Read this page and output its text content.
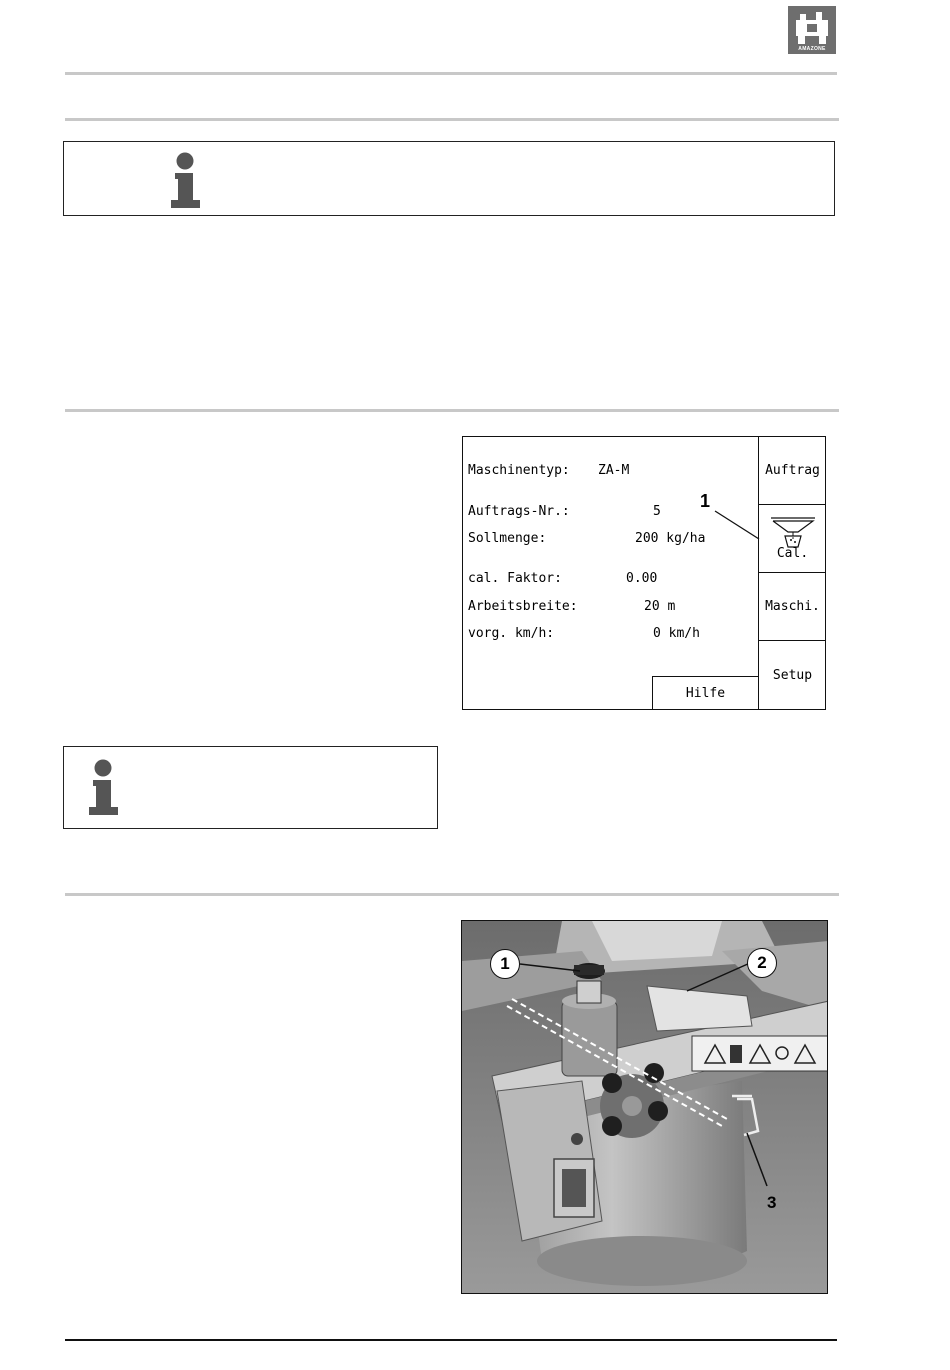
AMAZONE
Maschinentyp: ZA-M
Auftrags-Nr.:	5
Sollmenge:	200 kg/ha
cal. Faktor:	0.00
Arbeitsbreite:	20 m
vorg. km/h:	0 km/h
Auftrag
Cal.
Maschi.
Setup
Hilfe
1
1	2
3
